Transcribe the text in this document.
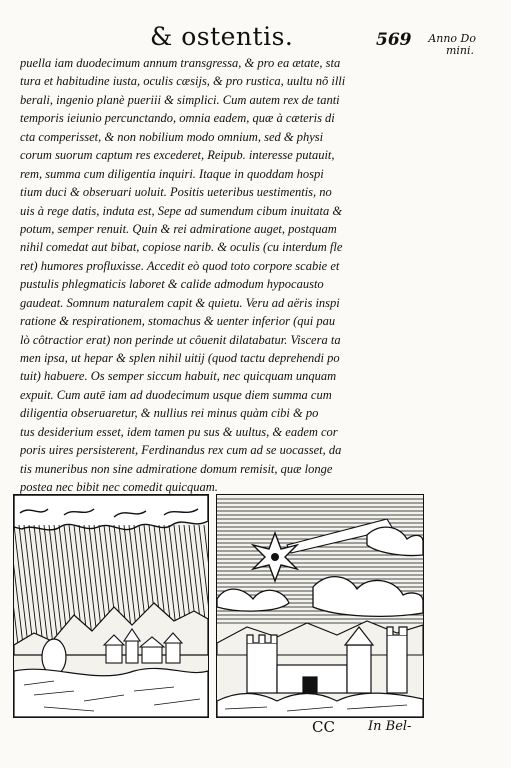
& ostentis.	569	Anno Do
mini.
puella iam duodecimum annum transgressa, & pro ea ætate, sta
tura et habitudine iusta, oculis cæsijs, & pro rustica, uultu nõ illi
berali, ingenio planè pueriii & simplici. Cum autem rex de tanti
temporis ieiunio percunctando, omnia eadem, quæ à cæteris di
cta comperisset, & non nobilium modo omnium, sed & physi
corum suorum captum res excederet, Reipub. interesse putauit,
rem, summa cum diligentia inquiri. Itaque in quoddam hospi
tium duci & obseruari uoluit. Positis ueteribus uestimentis, no
uis à rege datis, induta est, Sepe ad sumendum cibum inuitata &
potum, semper renuit. Quin & rei admiratione auget, postquam
nihil comedat aut bibat, copiose narib. & oculis (cu interdum fle
ret) humores profluxisse. Accedit eò quod toto corpore scabie et
pustulis phlegmaticis laboret & calide admodum hypocausto
gaudeat. Somnum naturalem capit & quietu. Veru ad aëris inspi
ratione & respirationem, stomachus & uenter inferior (qui pau
lò côtractior erat) non perinde ut côuenit dilatabatur. Viscera ta
men ipsa, ut hepar & splen nihil uitij (quod tactu deprehendi po
tuit) habuere. Os semper siccum habuit, nec quicquam unquam
expuit. Cum autē iam ad duodecimum usque diem summa cum
diligentia obseruaretur, & nullius rei minus quàm cibi & po
tus desiderium esset, idem tamen pu sus & uultus, & eadem cor
poris uires persisterent, Ferdinandus rex cum ad se uocasset, da
tis muneribus non sine admiratione domum remisit, quæ longe
postea nec bibit nec comedit quicquam.
CC	In Bel-
